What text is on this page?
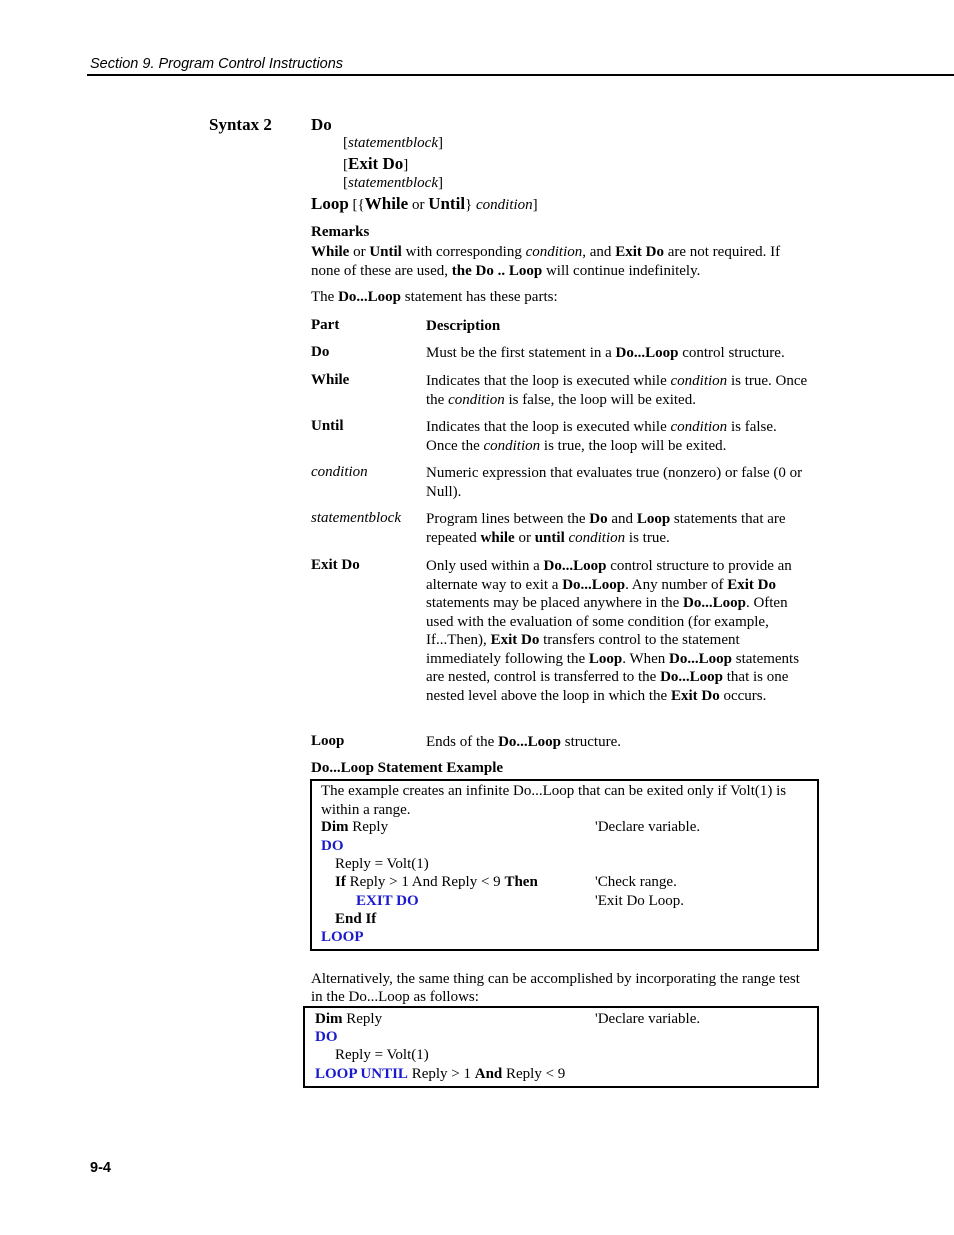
Section 9. Program Control Instructions
Syntax 2 Do
[statementblock]
[Exit Do]
[statementblock]
Loop [{While or Until} condition]
Remarks
While or Until with corresponding condition, and Exit Do are not required. If none of these are used, the Do .. Loop will continue indefinitely.
The Do...Loop statement has these parts:
Part	Description
Do	Must be the first statement in a Do...Loop control structure.
While	Indicates that the loop is executed while condition is true. Once the condition is false, the loop will be exited.
Until	Indicates that the loop is executed while condition is false. Once the condition is true, the loop will be exited.
condition	Numeric expression that evaluates true (nonzero) or false (0 or Null).
statementblock Program lines between the Do and Loop statements that are repeated while or until condition is true.
Exit Do	Only used within a Do...Loop control structure to provide an alternate way to exit a Do...Loop. Any number of Exit Do statements may be placed anywhere in the Do...Loop. Often used with the evaluation of some condition (for example, If...Then), Exit Do transfers control to the statement immediately following the Loop. When Do...Loop statements are nested, control is transferred to the Do...Loop that is one nested level above the loop in which the Exit Do occurs.
Loop	Ends of the Do...Loop structure.
Do...Loop Statement Example
The example creates an infinite Do...Loop that can be exited only if Volt(1) is within a range.
Dim Reply	'Declare variable.
DO
Reply = Volt(1)
If Reply > 1 And Reply < 9 Then	'Check range.
EXIT DO	'Exit Do Loop.
End If
LOOP
Alternatively, the same thing can be accomplished by incorporating the range test in the Do...Loop as follows:
Dim Reply	'Declare variable.
DO
Reply = Volt(1)
LOOP UNTIL Reply > 1 And Reply < 9
9-4
